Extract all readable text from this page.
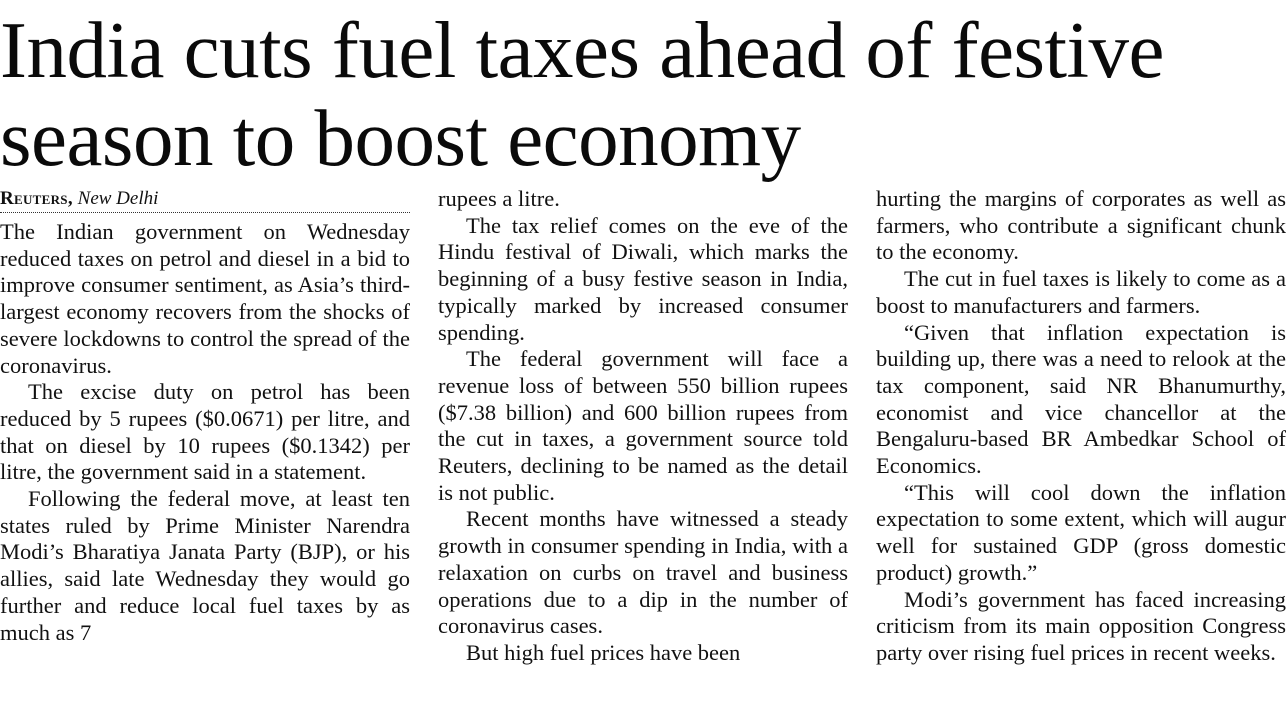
India cuts fuel taxes ahead of festive season to boost economy
Reuters, New Delhi

The Indian government on Wednesday reduced taxes on petrol and diesel in a bid to improve consumer sentiment, as Asia’s third-largest economy recovers from the shocks of severe lockdowns to control the spread of the coronavirus.

The excise duty on petrol has been reduced by 5 rupees ($0.0671) per litre, and that on diesel by 10 rupees ($0.1342) per litre, the government said in a statement.

Following the federal move, at least ten states ruled by Prime Minister Narendra Modi’s Bharatiya Janata Party (BJP), or his allies, said late Wednesday they would go further and reduce local fuel taxes by as much as 7

rupees a litre.

The tax relief comes on the eve of the Hindu festival of Diwali, which marks the beginning of a busy festive season in India, typically marked by increased consumer spending.

The federal government will face a revenue loss of between 550 billion rupees ($7.38 billion) and 600 billion rupees from the cut in taxes, a government source told Reuters, declining to be named as the detail is not public.

Recent months have witnessed a steady growth in consumer spending in India, with a relaxation on curbs on travel and business operations due to a dip in the number of coronavirus cases.

But high fuel prices have been

hurting the margins of corporates as well as farmers, who contribute a significant chunk to the economy.

The cut in fuel taxes is likely to come as a boost to manufacturers and farmers.

“Given that inflation expectation is building up, there was a need to relook at the tax component, said NR Bhanumurthy, economist and vice chancellor at the Bengaluru-based BR Ambedkar School of Economics.

“This will cool down the inflation expectation to some extent, which will augur well for sustained GDP (gross domestic product) growth.”

Modi’s government has faced increasing criticism from its main opposition Congress party over rising fuel prices in recent weeks.
